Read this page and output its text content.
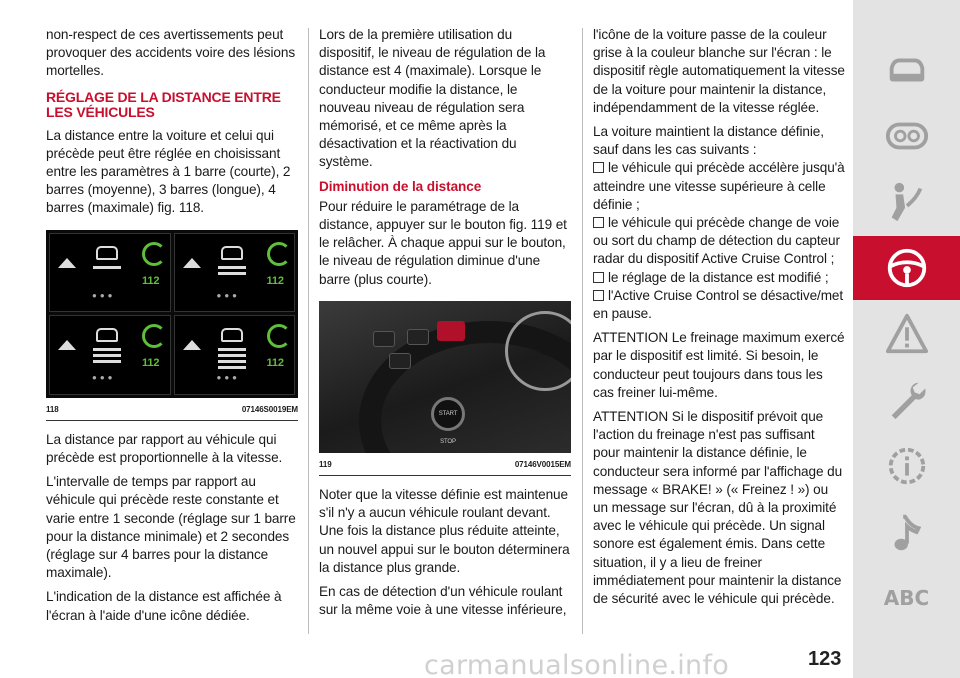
non-respect de ces avertissements peut provoquer des accidents voire des lésions mortelles.

RÉGLAGE DE LA DISTANCE ENTRE LES VÉHICULES

La distance entre la voiture et celui qui précède peut être réglée en choisissant entre les paramètres à 1 barre (courte), 2 barres (moyenne), 3 barres (longue), 4 barres (maximale) fig. 118.

112
●●●
112
●●●
112
●●●
112
●●●
118	07146S0019EM

La distance par rapport au véhicule qui précède est proportionnelle à la vitesse.

L'intervalle de temps par rapport au véhicule qui précède reste constante et varie entre 1 seconde (réglage sur 1 barre pour la distance minimale) et 2 secondes (réglage sur 4 barres pour la distance maximale).

L'indication de la distance est affichée à l'écran à l'aide d'une icône dédiée.

Lors de la première utilisation du dispositif, le niveau de régulation de la distance est 4 (maximale). Lorsque le conducteur modifie la distance, le nouveau niveau de régulation sera mémorisé, et ce même après la désactivation et la réactivation du système.

Diminution de la distance

Pour réduire le paramétrage de la distance, appuyer sur le bouton fig. 119 et le relâcher. À chaque appui sur le bouton, le niveau de régulation diminue d'une barre (plus courte).

START STOP
119	07146V0015EM

Noter que la vitesse définie est maintenue s'il n'y a aucun véhicule roulant devant. Une fois la distance plus réduite atteinte, un nouvel appui sur le bouton déterminera la distance plus grande.

En cas de détection d'un véhicule roulant sur la même voie à une vitesse inférieure,

l'icône de la voiture passe de la couleur grise à la couleur blanche sur l'écran : le dispositif règle automatiquement la vitesse de la voiture pour maintenir la distance, indépendamment de la vitesse réglée.

La voiture maintient la distance définie, sauf dans les cas suivants :

le véhicule qui précède accélère jusqu'à atteindre une vitesse supérieure à celle définie ;
le véhicule qui précède change de voie ou sort du champ de détection du capteur radar du dispositif Active Cruise Control ;
le réglage de la distance est modifié ;
l'Active Cruise Control se désactive/met en pause.

ATTENTION Le freinage maximum exercé par le dispositif est limité. Si besoin, le conducteur peut toujours dans tous les cas freiner lui-même.

ATTENTION Si le dispositif prévoit que l'action du freinage n'est pas suffisant pour maintenir la distance définie, le conducteur sera informé par l'affichage du message « BRAKE! » (« Freinez ! ») ou un message sur l'écran, dû à la proximité avec le véhicule qui précède. Un signal sonore est également émis. Dans cette situation, il y a lieu de freiner immédiatement pour maintenir la distance de sécurité avec le véhicule qui précède.	ABC
123
carmanualsonline.info
